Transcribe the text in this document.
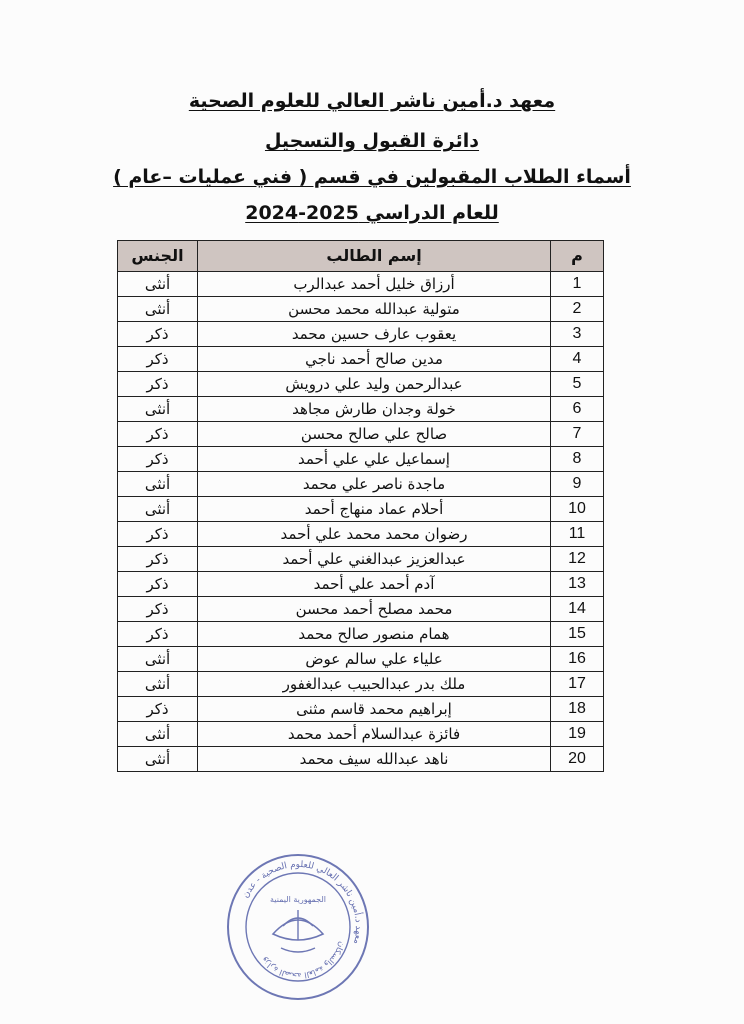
معهد د.أمين ناشر العالي للعلوم الصحية
دائرة القبول والتسجيل
أسماء الطلاب المقبولين في قسم ( فني عمليات –عام )
للعام الدراسي 2025-2024
م	إسم الطالب	الجنس
1	أرزاق خليل أحمد عبدالرب	أنثى
2	متولية عبدالله محمد محسن	أنثى
3	يعقوب عارف حسين محمد	ذكر
4	مدين صالح أحمد ناجي	ذكر
5	عبدالرحمن وليد علي درويش	ذكر
6	خولة وجدان طارش مجاهد	أنثى
7	صالح علي صالح محسن	ذكر
8	إسماعيل علي علي أحمد	ذكر
9	ماجدة ناصر علي محمد	أنثى
10	أحلام عماد منهاج أحمد	أنثى
11	رضوان محمد محمد علي أحمد	ذكر
12	عبدالعزيز عبدالغني علي أحمد	ذكر
13	آدم أحمد علي أحمد	ذكر
14	محمد مصلح أحمد محسن	ذكر
15	همام منصور صالح محمد	ذكر
16	علياء علي سالم عوض	أنثى
17	ملك بدر عبدالحبيب عبدالغفور	أنثى
18	إبراهيم محمد قاسم مثنى	ذكر
19	فائزة عبدالسلام أحمد محمد	أنثى
20	ناهد عبدالله سيف محمد	أنثى
معهد د.أمين ناشر العالي للعلوم الصحية - عدن
وزارة الصحة العامة والسكان
الجمهورية اليمنية
